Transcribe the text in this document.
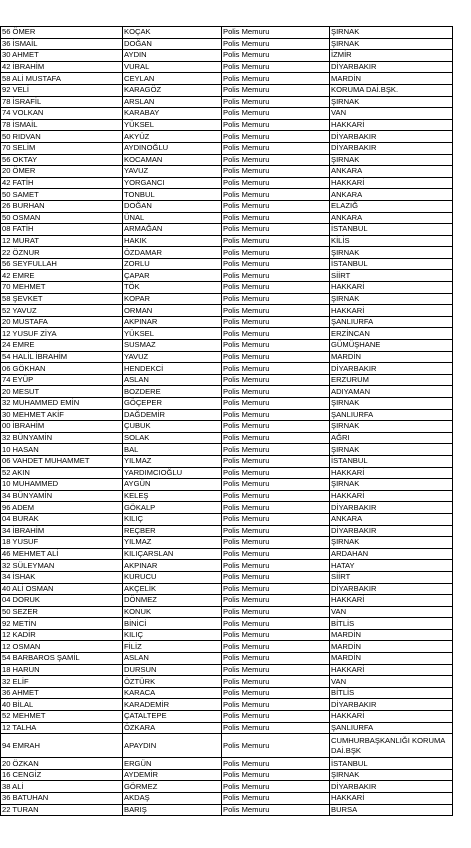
56 ÖMER	KOÇAK	Polis Memuru	ŞIRNAK
36 İSMAİL	DOĞAN	Polis Memuru	ŞIRNAK
30 AHMET	AYDIN	Polis Memuru	İZMİR
42 İBRAHİM	VURAL	Polis Memuru	DİYARBAKIR
58 ALİ MUSTAFA	CEYLAN	Polis Memuru	MARDİN
92 VELİ	KARAGÖZ	Polis Memuru	KORUMA DAİ.BŞK.
78 İSRAFİL	ARSLAN	Polis Memuru	ŞIRNAK
74 VOLKAN	KARABAY	Polis Memuru	VAN
78 İSMAİL	YÜKSEL	Polis Memuru	HAKKARİ
50 RIDVAN	AKYÜZ	Polis Memuru	DİYARBAKIR
70 SELİM	AYDINOĞLU	Polis Memuru	DİYARBAKIR
56 OKTAY	KOCAMAN	Polis Memuru	ŞIRNAK
20 ÖMER	YAVUZ	Polis Memuru	ANKARA
42 FATİH	YORGANCI	Polis Memuru	HAKKARİ
50 SAMET	TONBUL	Polis Memuru	ANKARA
26 BURHAN	DOĞAN	Polis Memuru	ELAZIĞ
50 OSMAN	ÜNAL	Polis Memuru	ANKARA
08 FATİH	ARMAĞAN	Polis Memuru	İSTANBUL
12 MURAT	HAKIK	Polis Memuru	KİLİS
22 ÖZNUR	ÖZDAMAR	Polis Memuru	ŞIRNAK
56 SEYFULLAH	ZORLU	Polis Memuru	İSTANBUL
42 EMRE	ÇAPAR	Polis Memuru	SİİRT
70 MEHMET	TÖK	Polis Memuru	HAKKARİ
58 ŞEVKET	KOPAR	Polis Memuru	ŞIRNAK
52 YAVUZ	ORMAN	Polis Memuru	HAKKARİ
20 MUSTAFA	AKPINAR	Polis Memuru	ŞANLIURFA
12 YUSUF ZİYA	YÜKSEL	Polis Memuru	ERZİNCAN
24 EMRE	SUSMAZ	Polis Memuru	GÜMÜŞHANE
54 HALİL İBRAHİM	YAVUZ	Polis Memuru	MARDİN
06 GÖKHAN	HENDEKCİ	Polis Memuru	DİYARBAKIR
74 EYÜP	ASLAN	Polis Memuru	ERZURUM
20 MESUT	BOZDERE	Polis Memuru	ADIYAMAN
32 MUHAMMED EMİN	GÖÇEPER	Polis Memuru	ŞIRNAK
30 MEHMET AKİF	DAĞDEMİR	Polis Memuru	ŞANLIURFA
00 İBRAHİM	ÇUBUK	Polis Memuru	ŞIRNAK
32 BÜNYAMİN	SOLAK	Polis Memuru	AĞRI
10 HASAN	BAL	Polis Memuru	ŞIRNAK
06 VAHDET MUHAMMET	YILMAZ	Polis Memuru	İSTANBUL
52 AKIN	YARDIMCIOĞLU	Polis Memuru	HAKKARİ
10 MUHAMMED	AYGÜN	Polis Memuru	ŞIRNAK
34 BÜNYAMİN	KELEŞ	Polis Memuru	HAKKARİ
96 ADEM	GÖKALP	Polis Memuru	DİYARBAKIR
04 BURAK	KILIÇ	Polis Memuru	ANKARA
34 İBRAHİM	REÇBER	Polis Memuru	DİYARBAKIR
18 YUSUF	YILMAZ	Polis Memuru	ŞIRNAK
46 MEHMET ALİ	KILIÇARSLAN	Polis Memuru	ARDAHAN
32 SÜLEYMAN	AKPINAR	Polis Memuru	HATAY
34 İSHAK	KURUCU	Polis Memuru	SİİRT
40 ALİ OSMAN	AKÇELİK	Polis Memuru	DİYARBAKIR
04 DORUK	DÖNMEZ	Polis Memuru	HAKKARİ
50 SEZER	KONUK	Polis Memuru	VAN
92 METİN	BİNİCİ	Polis Memuru	BİTLİS
12 KADİR	KILIÇ	Polis Memuru	MARDİN
12 OSMAN	FİLİZ	Polis Memuru	MARDİN
54 BARBAROS ŞAMİL	ASLAN	Polis Memuru	MARDİN
18 HARUN	DURSUN	Polis Memuru	HAKKARİ
32 ELİF	ÖZTÜRK	Polis Memuru	VAN
36 AHMET	KARACA	Polis Memuru	BİTLİS
40 BİLAL	KARADEMİR	Polis Memuru	DİYARBAKIR
52 MEHMET	ÇATALTEPE	Polis Memuru	HAKKARİ
12 TALHA	ÖZKARA	Polis Memuru	ŞANLIURFA
94 EMRAH	APAYDIN	Polis Memuru	CUMHURBAŞKANLIĞI KORUMA DAİ.BŞK
20 ÖZKAN	ERGÜN	Polis Memuru	İSTANBUL
16 CENGİZ	AYDEMİR	Polis Memuru	ŞIRNAK
38 ALİ	GÖRMEZ	Polis Memuru	DİYARBAKIR
36 BATUHAN	AKDAŞ	Polis Memuru	HAKKARİ
22 TURAN	BARIŞ	Polis Memuru	BURSA
